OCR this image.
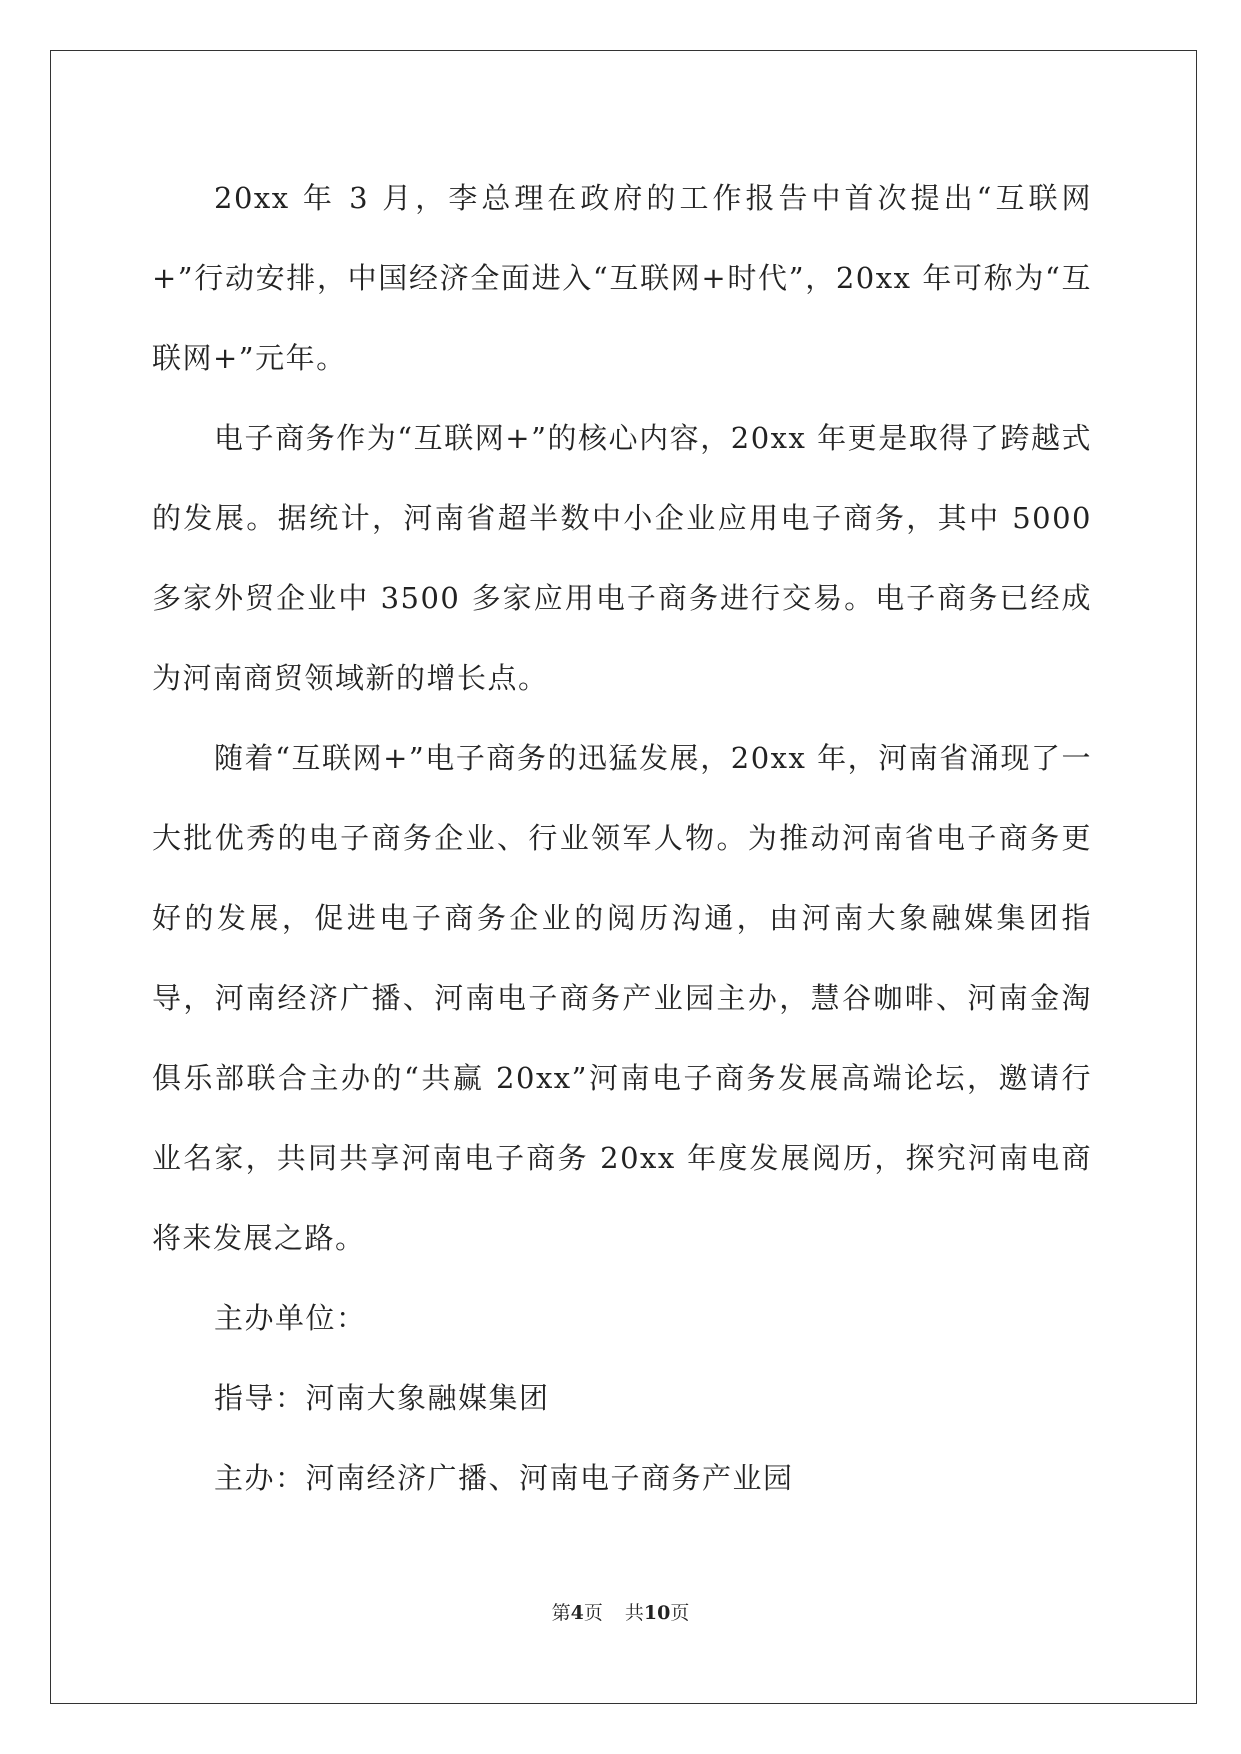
20xx 年 3 月，李总理在政府的工作报告中首次提出“互联网+”行动安排，中国经济全面进入“互联网+时代”，20xx 年可称为“互联网+”元年。

电子商务作为“互联网+”的核心内容，20xx 年更是取得了跨越式的发展。据统计，河南省超半数中小企业应用电子商务，其中 5000 多家外贸企业中 3500 多家应用电子商务进行交易。电子商务已经成为河南商贸领域新的增长点。

随着“互联网+”电子商务的迅猛发展，20xx 年，河南省涌现了一大批优秀的电子商务企业、行业领军人物。为推动河南省电子商务更好的发展，促进电子商务企业的阅历沟通，由河南大象融媒集团指导，河南经济广播、河南电子商务产业园主办，慧谷咖啡、河南金淘俱乐部联合主办的“共赢 20xx”河南电子商务发展高端论坛，邀请行业名家，共同共享河南电子商务 20xx 年度发展阅历，探究河南电商将来发展之路。

主办单位：

指导：河南大象融媒集团

主办：河南经济广播、河南电子商务产业园

第4页 共10页
